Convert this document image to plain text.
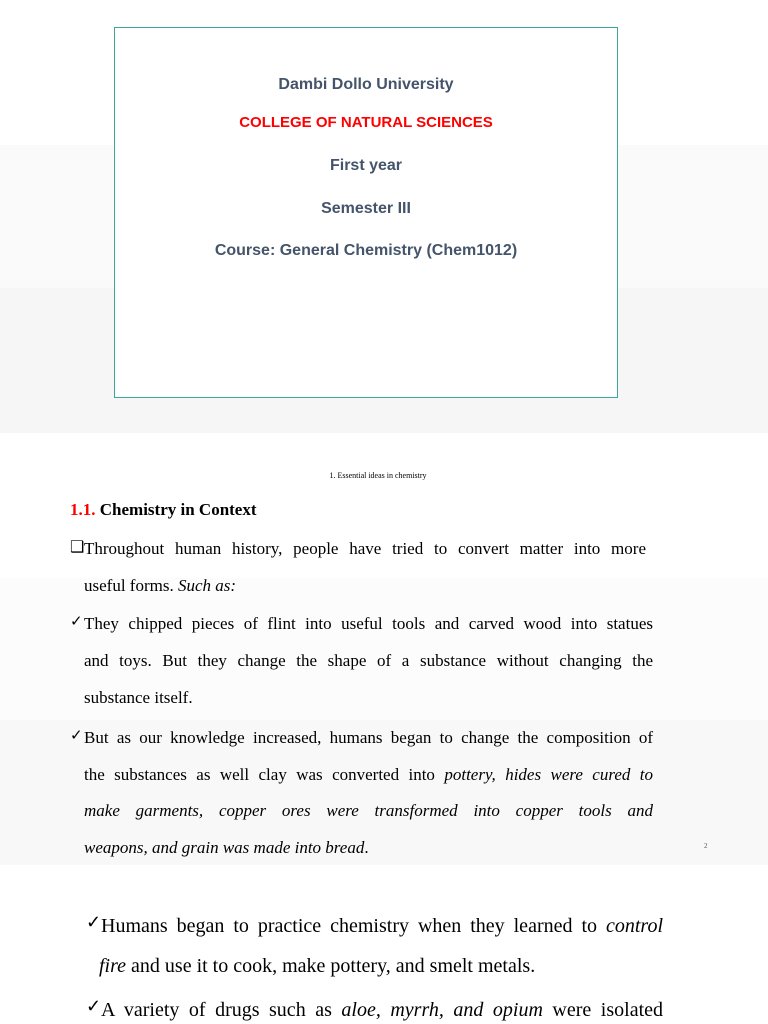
Dambi Dollo University
COLLEGE OF NATURAL SCIENCES
First year
Semester III
Course: General Chemistry (Chem1012)
1. Essential ideas in chemistry
1.1. Chemistry in Context
❑ Throughout human history, people have tried to convert matter into more
useful forms. Such as:
✓ They chipped pieces of flint into useful tools and carved wood into statues
and toys. But they change the shape of a substance without changing the
substance itself.
✓ But as our knowledge increased, humans began to change the composition of
the substances as well clay was converted into pottery, hides were cured to
make garments, copper ores were transformed into copper tools and
weapons, and grain was made into bread.	2
✓ Humans began to practice chemistry when they learned to control
fire and use it to cook, make pottery, and smelt metals.
✓ A variety of drugs such as aloe, myrrh, and opium were isolated
